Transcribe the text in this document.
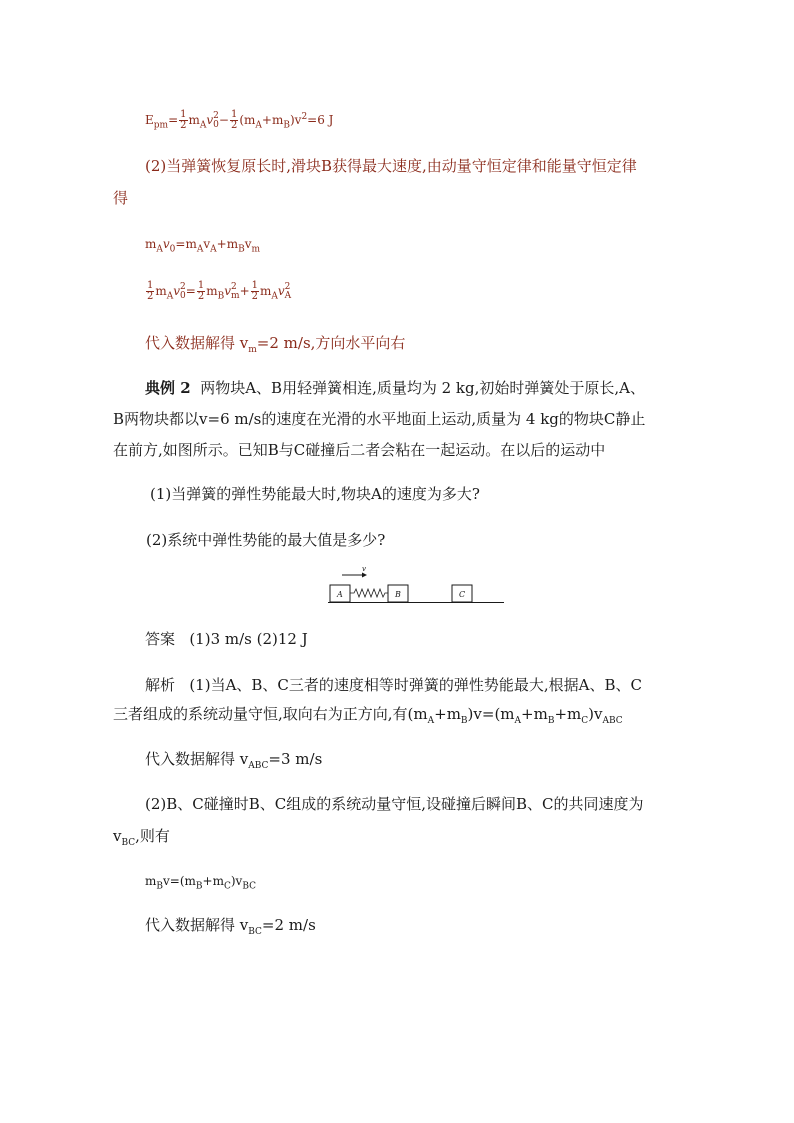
$E_{pm}= \frac{1}{2} m_Av$ 2
$0 - \frac{1}{2} (m_A+m_B)v^2=6$ J
(2)当弹簧恢复原长时,滑块B获得最大速度,由动量守恒定律和能量守恒定律
得
$m_Av_0=m_Av_A+m_Bv_m$
$\frac{1}{2} m_Av$ 2
$0 = \frac{1}{2} m_Bv$ 2
$m + \frac{1}{2} m_Av$ 2
A
代入数据解得 $v_m=2$ m/s,方向水平向右
典例 2 两物块A、B用轻弹簧相连,质量均为 2 kg,初始时弹簧处于原长,A、
B两物块都以v=6 m/s的速度在光滑的水平地面上运动,质量为 4 kg的物块C静止
在前方,如图所示。已知B与C碰撞后二者会粘在一起运动。在以后的运动中
(1)当弹簧的弹性势能最大时,物块A的速度为多大?
(2)系统中弹性势能的最大值是多少?
v
A	B	C
答案 (1)3 m/s (2)12 J
解析 (1)当A、B、C三者的速度相等时弹簧的弹性势能最大,根据A、B、C
三者组成的系统动量守恒,取向右为正方向,有$(m_A+m_B)v=(m_A+m_B+m_C)v_{ABC}$
代入数据解得 $v_{ABC}=3$ m/s
(2)B、C碰撞时B、C组成的系统动量守恒,设碰撞后瞬间B、C的共同速度为
$v_{BC}$,则有
$m_Bv=(m_B+m_C)v_{BC}$
代入数据解得 $v_{BC}=2$ m/s
